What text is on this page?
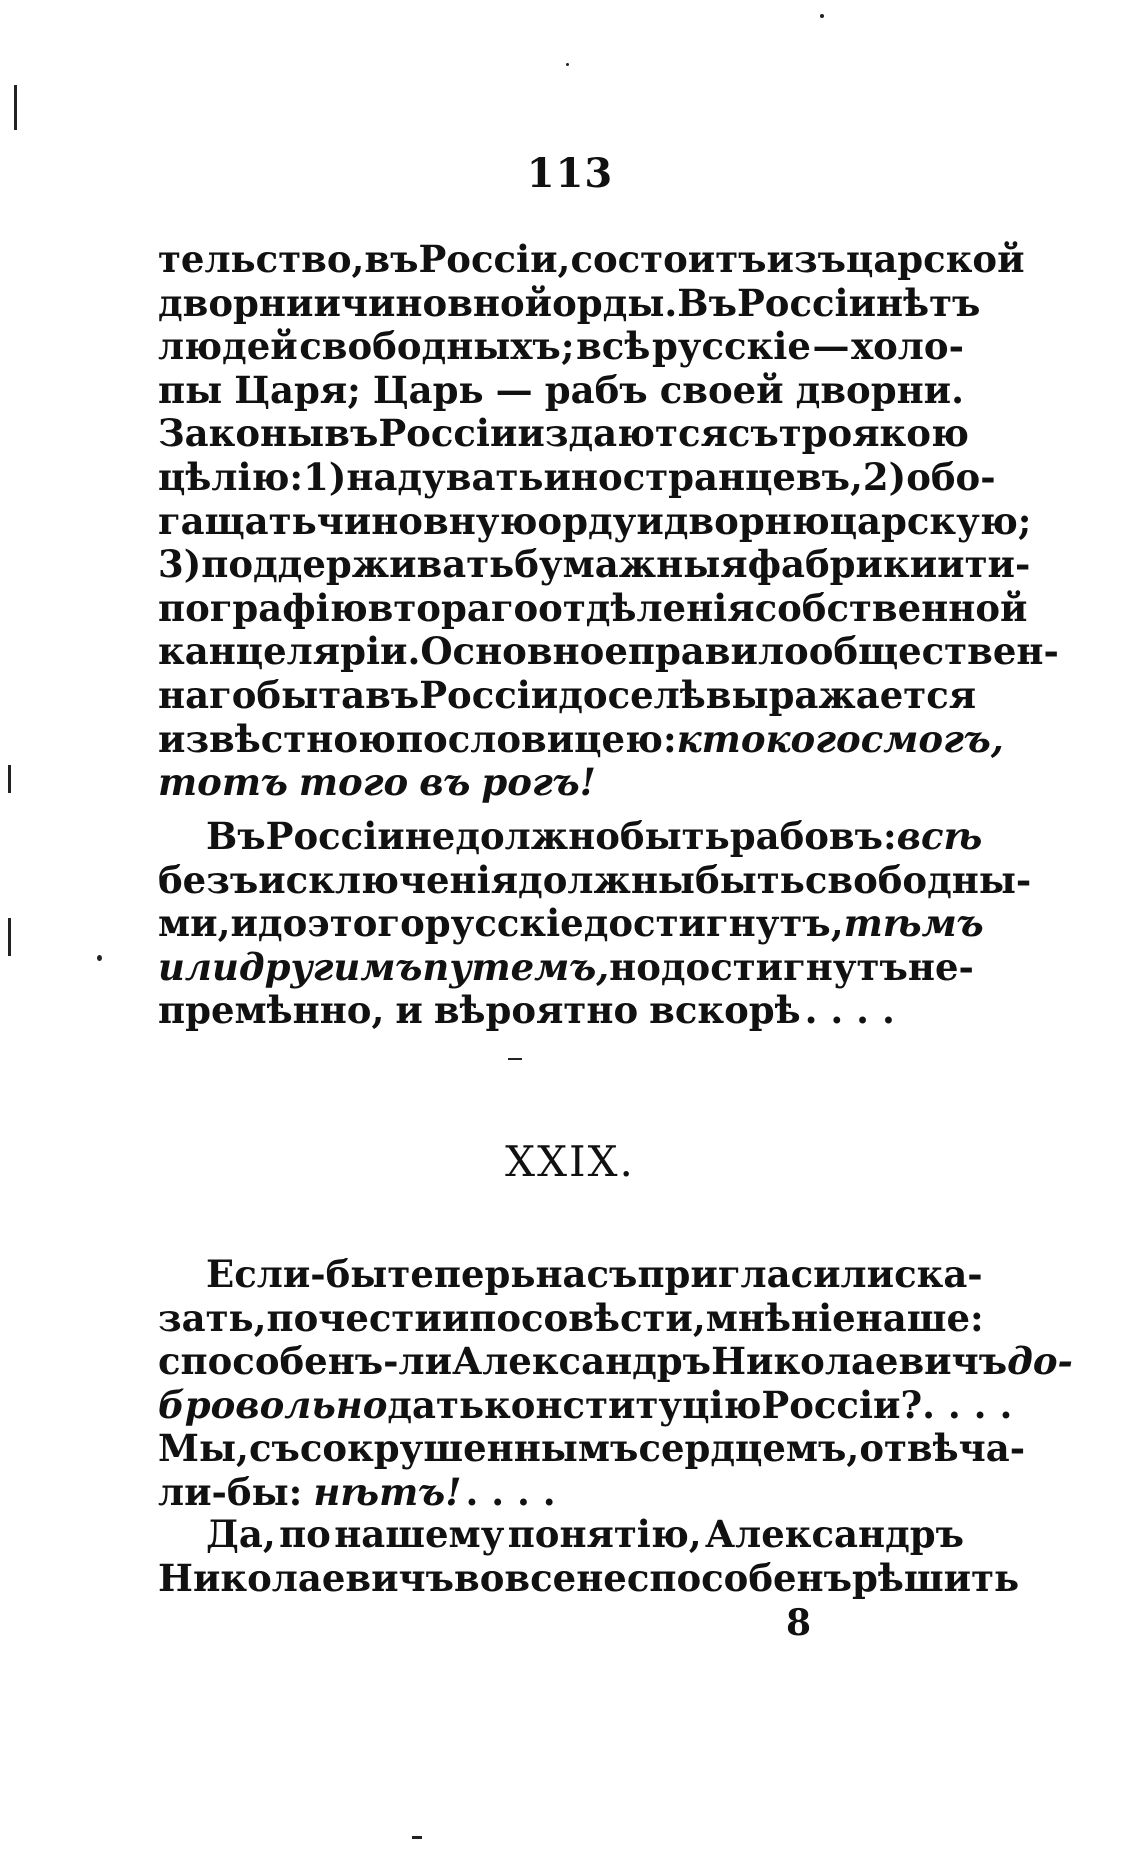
113
тельство, въ Россіи, состоитъ изъ царской
дворни и чиновной орды. Въ Россіи нѣтъ
людей свободныхъ; всѣ русскіе — холо-
пы Царя; Царь — рабъ своей дворни.
Законы въ Россіи издаются съ троякою
цѣлію: 1) надувать иностранцевъ, 2) обо-
гащать чиновную орду и дворню царскую;
3) поддерживать бумажныя фабрики и ти-
пографію втораго отдѣленія собственной
канцеляріи. Основное правило обществен-
наго быта въ Россіи доселѣ выражается
извѣстною пословицею: кто кого смогъ,
тотъ того въ рогъ!
Въ Россіи не должно быть рабовъ: всѣ
безъ исключенія должны быть свободны-
ми, и до этого русскіе достигнутъ, тѣмъ
или другимъ путемъ, но достигнутъ не-
премѣнно, и вѣроятно вскорѣ . . . .
XXIX.
Если-бы теперь насъ пригласили ска-
зать, по чести и по совѣсти, мнѣніе наше:
способенъ-ли Александръ Николаевичъ до-
бровольно дать конституцію Россіи? . . . .
Мы, съ сокрушеннымъ сердцемъ, отвѣча-
ли-бы: нѣтъ! . . . .
Да, по нашему понятію, Александръ
Николаевичъ вовсе не способенъ рѣшить
8
